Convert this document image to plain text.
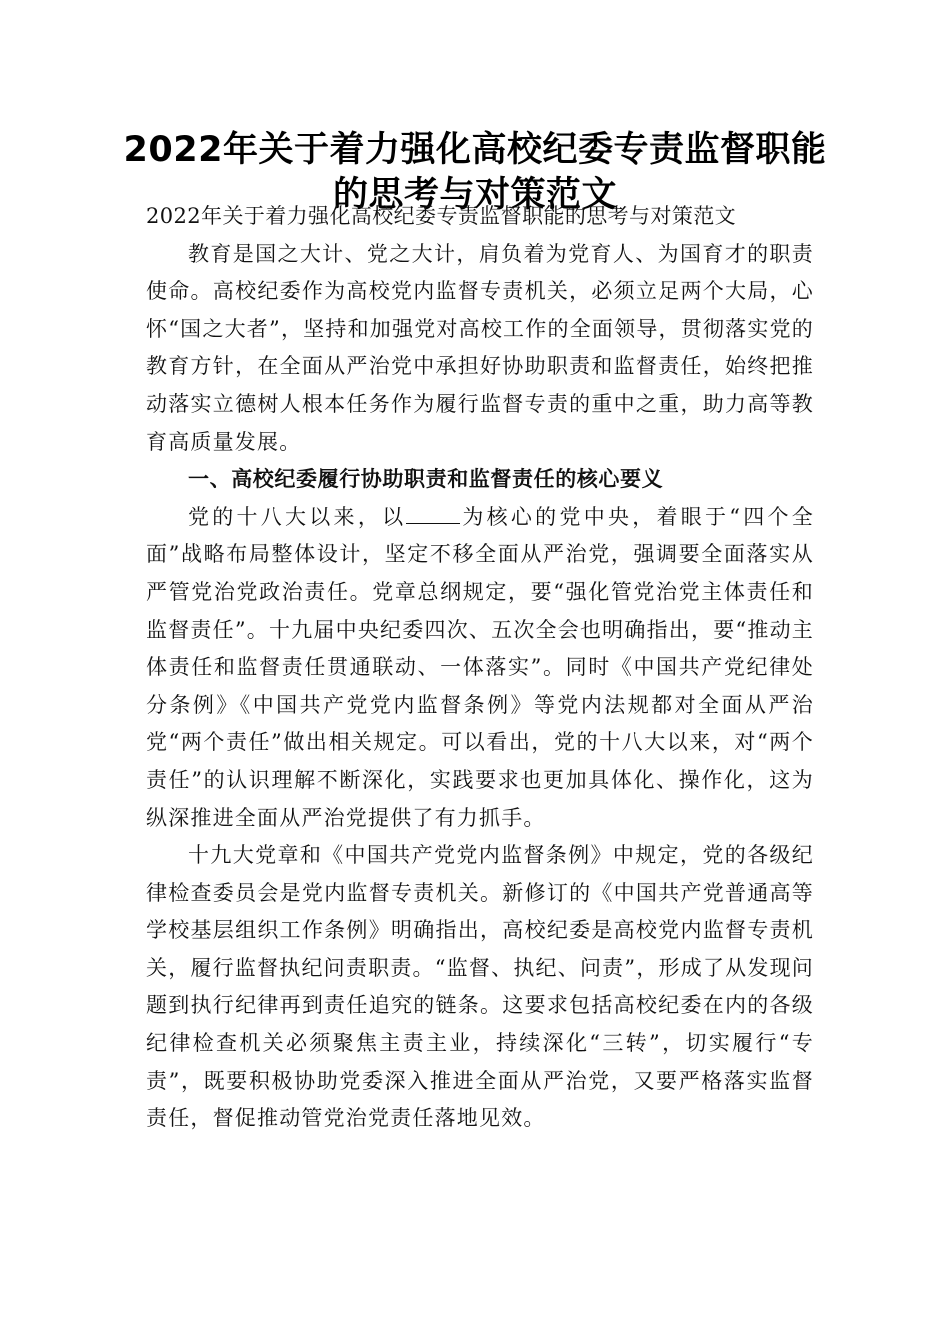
2022年关于着力强化高校纪委专责监督职能的思考与对策范文

2022年关于着力强化高校纪委专责监督职能的思考与对策范文

教育是国之大计、党之大计，肩负着为党育人、为国育才的职责使命。高校纪委作为高校党内监督专责机关，必须立足两个大局，心怀“国之大者”，坚持和加强党对高校工作的全面领导，贯彻落实党的教育方针，在全面从严治党中承担好协助职责和监督责任，始终把推动落实立德树人根本任务作为履行监督专责的重中之重，助力高等教育高质量发展。

一、高校纪委履行协助职责和监督责任的核心要义

党的十八大以来，以	为核心的党中央，着眼于“四个全面”战略布局整体设计，坚定不移全面从严治党，强调要全面落实从严管党治党政治责任。党章总纲规定，要“强化管党治党主体责任和监督责任”。十九届中央纪委四次、五次全会也明确指出，要“推动主体责任和监督责任贯通联动、一体落实”。同时《中国共产党纪律处分条例》《中国共产党党内监督条例》等党内法规都对全面从严治党“两个责任”做出相关规定。可以看出，党的十八大以来，对“两个责任”的认识理解不断深化，实践要求也更加具体化、操作化，这为纵深推进全面从严治党提供了有力抓手。

十九大党章和《中国共产党党内监督条例》中规定，党的各级纪律检查委员会是党内监督专责机关。新修订的《中国共产党普通高等学校基层组织工作条例》明确指出，高校纪委是高校党内监督专责机关，履行监督执纪问责职责。“监督、执纪、问责”，形成了从发现问题到执行纪律再到责任追究的链条。这要求包括高校纪委在内的各级纪律检查机关必须聚焦主责主业，持续深化“三转”，切实履行“专责”，既要积极协助党委深入推进全面从严治党，又要严格落实监督责任，督促推动管党治党责任落地见效。
